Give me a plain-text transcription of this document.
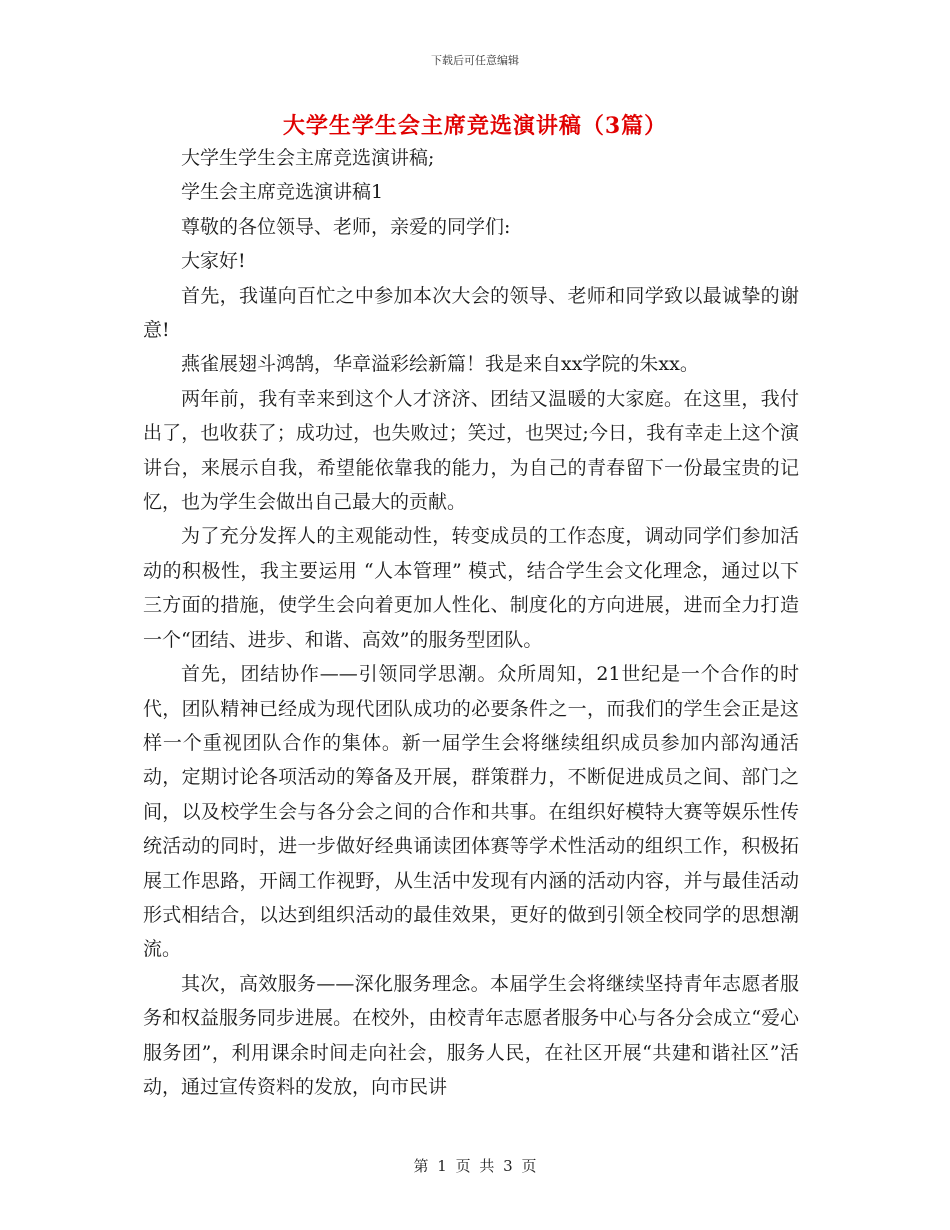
下载后可任意编辑
大学生学生会主席竞选演讲稿（3篇）

大学生学生会主席竞选演讲稿;

学生会主席竞选演讲稿1

尊敬的各位领导、老师，亲爱的同学们:

大家好!

首先，我谨向百忙之中参加本次大会的领导、老师和同学致以最诚挚的谢意!

燕雀展翅斗鸿鹄，华章溢彩绘新篇！我是来自xx学院的朱xx。

两年前，我有幸来到这个人才济济、团结又温暖的大家庭。在这里，我付出了，也收获了；成功过，也失败过；笑过，也哭过;今日，我有幸走上这个演讲台，来展示自我，希望能依靠我的能力，为自己的青春留下一份最宝贵的记忆，也为学生会做出自己最大的贡献。

为了充分发挥人的主观能动性，转变成员的工作态度，调动同学们参加活动的积极性，我主要运用 “人本管理” 模式，结合学生会文化理念，通过以下三方面的措施，使学生会向着更加人性化、制度化的方向进展，进而全力打造一个“团结、进步、和谐、高效”的服务型团队。

首先，团结协作——引领同学思潮。众所周知，21世纪是一个合作的时代，团队精神已经成为现代团队成功的必要条件之一，而我们的学生会正是这样一个重视团队合作的集体。新一届学生会将继续组织成员参加内部沟通活动，定期讨论各项活动的筹备及开展，群策群力，不断促进成员之间、部门之间，以及校学生会与各分会之间的合作和共事。在组织好模特大赛等娱乐性传统活动的同时，进一步做好经典诵读团体赛等学术性活动的组织工作，积极拓展工作思路，开阔工作视野，从生活中发现有内涵的活动内容，并与最佳活动形式相结合，以达到组织活动的最佳效果，更好的做到引领全校同学的思想潮流。

其次，高效服务——深化服务理念。本届学生会将继续坚持青年志愿者服务和权益服务同步进展。在校外，由校青年志愿者服务中心与各分会成立“爱心服务团”，利用课余时间走向社会，服务人民，在社区开展“共建和谐社区”活动，通过宣传资料的发放，向市民讲

第 1 页 共 3 页
